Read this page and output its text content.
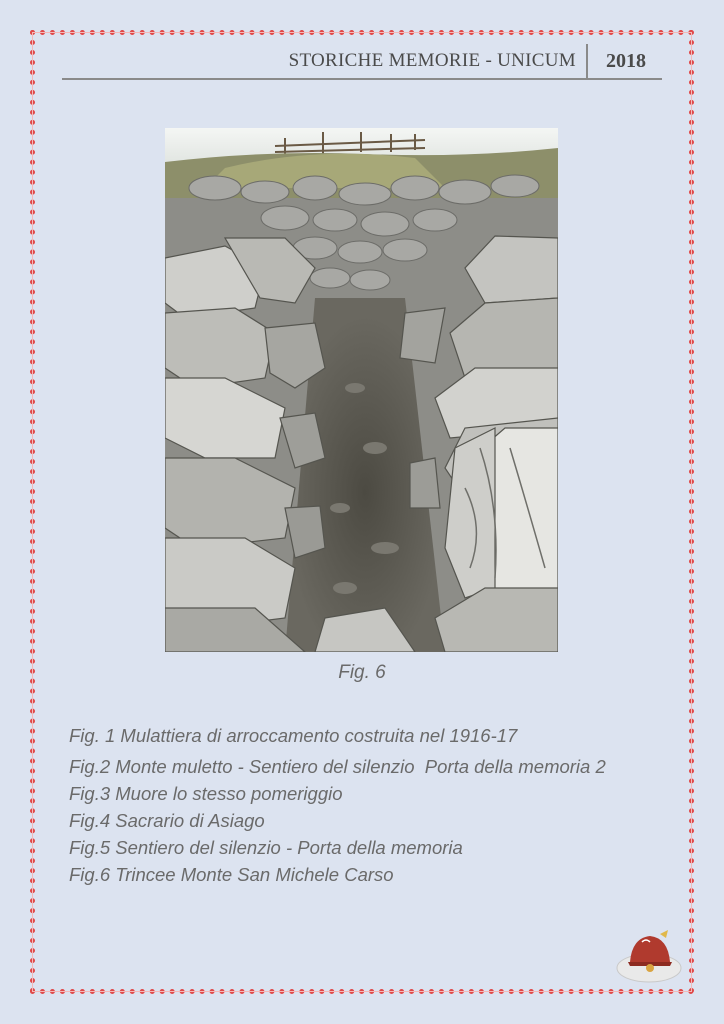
STORICHE MEMORIE - UNICUM 2018
Fig. 6
Fig. 1 Mulattiera di arroccamento costruita nel 1916-17
Fig.2 Monte muletto - Sentiero del silenzio  Porta della memoria 2
Fig.3 Muore lo stesso pomeriggio
Fig.4 Sacrario di Asiago
Fig.5 Sentiero del silenzio - Porta della memoria
Fig.6 Trincee Monte San Michele Carso
